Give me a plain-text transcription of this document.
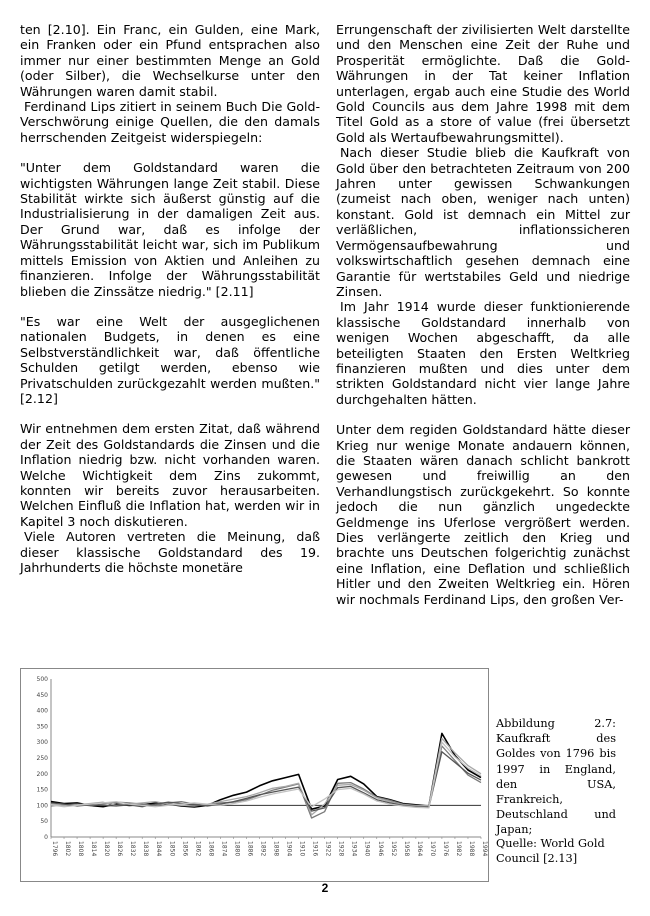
ten [2.10]. Ein Franc, ein Gulden, eine Mark, ein Franken oder ein Pfund entsprachen also immer nur einer bestimmten Menge an Gold (oder Silber), die Wechselkurse unter den Währungen waren damit stabil.

Ferdinand Lips zitiert in seinem Buch Die Gold-Verschwörung einige Quellen, die den damals herrschenden Zeitgeist widerspiegeln:

"Unter dem Goldstandard waren die wichtigsten Währungen lange Zeit stabil. Diese Stabilität wirkte sich äußerst günstig auf die Industrialisierung in der damaligen Zeit aus. Der Grund war, daß es infolge der Währungsstabilität leicht war, sich im Publikum mittels Emission von Aktien und Anleihen zu finanzieren. Infolge der Währungsstabilität blieben die Zinssätze niedrig." [2.11]

"Es war eine Welt der ausgeglichenen nationalen Budgets, in denen es eine Selbstverständlichkeit war, daß öffentliche Schulden getilgt werden, ebenso wie Privatschulden zurückgezahlt werden mußten." [2.12]

Wir entnehmen dem ersten Zitat, daß während der Zeit des Goldstandards die Zinsen und die Inflation niedrig bzw. nicht vorhanden waren. Welche Wichtigkeit dem Zins zukommt, konnten wir bereits zuvor herausarbeiten. Welchen Einfluß die Inflation hat, werden wir in Kapitel 3 noch diskutieren.

Viele Autoren vertreten die Meinung, daß dieser klassische Goldstandard des 19. Jahrhunderts die höchste monetäre

Errungenschaft der zivilisierten Welt darstellte und den Menschen eine Zeit der Ruhe und Prosperität ermöglichte. Daß die Gold-Währungen in der Tat keiner Inflation unterlagen, ergab auch eine Studie des World Gold Councils aus dem Jahre 1998 mit dem Titel Gold as a store of value (frei übersetzt Gold als Wertaufbewahrungsmittel).

Nach dieser Studie blieb die Kaufkraft von Gold über den betrachteten Zeitraum von 200 Jahren unter gewissen Schwankungen (zumeist nach oben, weniger nach unten) konstant. Gold ist demnach ein Mittel zur verläßlichen, inflationssicheren Vermögensaufbewahrung und volkswirtschaftlich gesehen demnach eine Garantie für wertstabiles Geld und niedrige Zinsen.

Im Jahr 1914 wurde dieser funktionierende klassische Goldstandard innerhalb von wenigen Wochen abgeschafft, da alle beteiligten Staaten den Ersten Weltkrieg finanzieren mußten und dies unter dem strikten Goldstandard nicht vier lange Jahre durchgehalten hätten.

Unter dem regiden Goldstandard hätte dieser Krieg nur wenige Monate andauern können, die Staaten wären danach schlicht bankrott gewesen und freiwillig an den Verhandlungstisch zurückgekehrt. So konnte jedoch die nun gänzlich ungedeckte Geldmenge ins Uferlose vergrößert werden. Dies verlängerte zeitlich den Krieg und brachte uns Deutschen folgerichtig zunächst eine Inflation, eine Deflation und schließlich Hitler und den Zweiten Weltkrieg ein. Hören wir nochmals Ferdinand Lips, den großen Ver-

500
450
400
350
300
250
200
150
100
50
0
1796 1802 1808 1814 1820 1826 1832 1838 1844 1850 1856 1862 1868 1874 1880 1886 1892 1898 1904 1910 1916 1922 1928 1934 1940 1946 1952 1958 1964 1970 1976 1982 1988 1994

Abbildung 2.7: Kaufkraft des Goldes von 1796 bis 1997 in England, den USA, Frankreich, Deutschland und Japan;

Quelle: World Gold Council [2.13]
2
